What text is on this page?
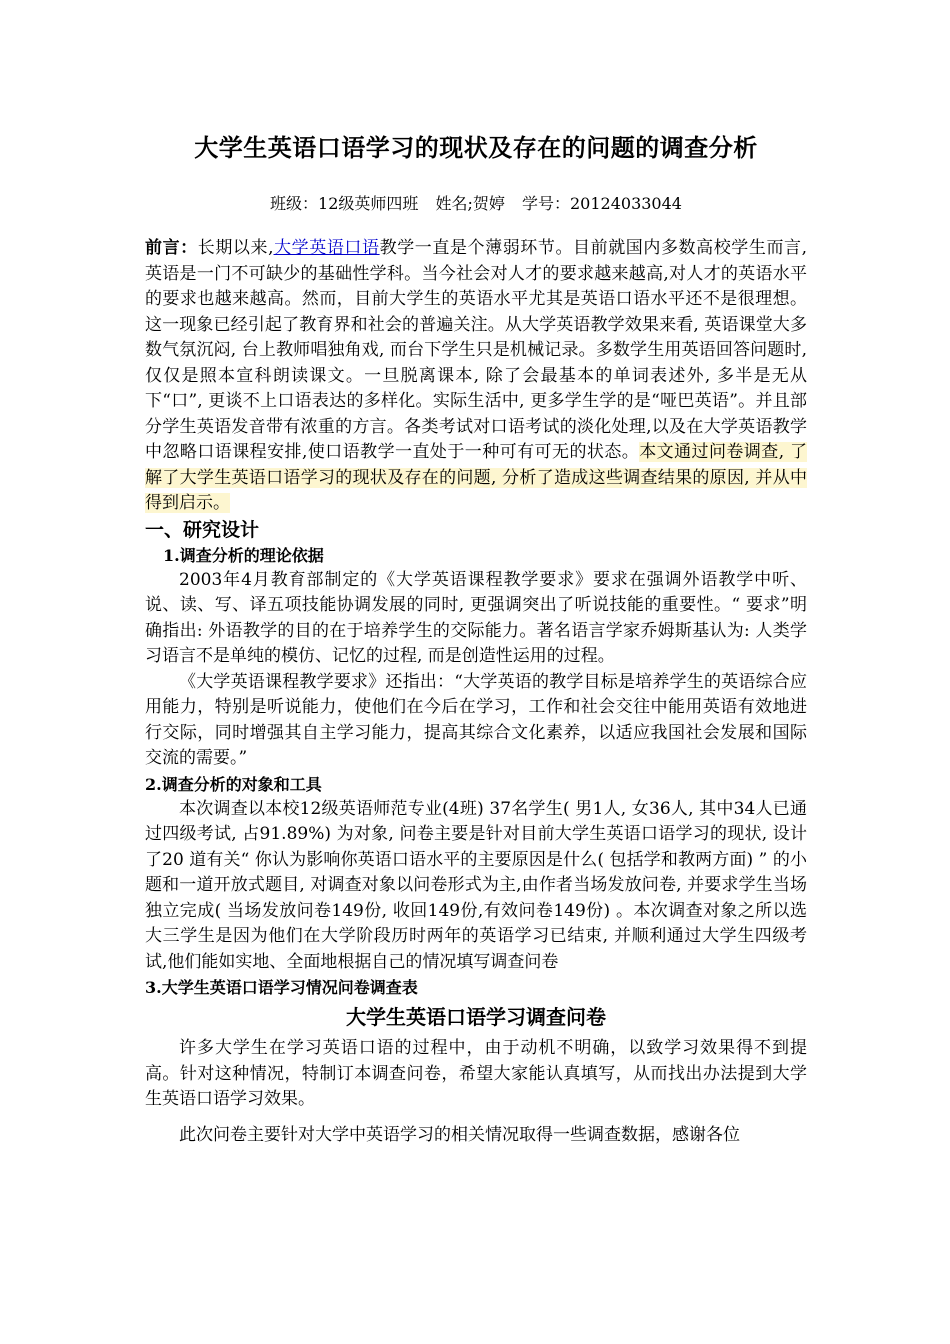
大学生英语口语学习的现状及存在的问题的调查分析
班级：12级英师四班 姓名;贺婷 学号：20124033044

前言：长期以来,大学英语口语教学一直是个薄弱环节。目前就国内多数高校学生而言, 英语是一门不可缺少的基础性学科。当今社会对人才的要求越来越高,对人才的英语水平的要求也越来越高。然而，目前大学生的英语水平尤其是英语口语水平还不是很理想。这一现象已经引起了教育界和社会的普遍关注。从大学英语教学效果来看, 英语课堂大多数气氛沉闷, 台上教师唱独角戏, 而台下学生只是机械记录。多数学生用英语回答问题时, 仅仅是照本宣科朗读课文。一旦脱离课本, 除了会最基本的单词表述外, 多半是无从下“口”, 更谈不上口语表达的多样化。实际生活中, 更多学生学的是“哑巴英语”。并且部分学生英语发音带有浓重的方言。各类考试对口语考试的淡化处理,以及在大学英语教学中忽略口语课程安排,使口语教学一直处于一种可有可无的状态。本文通过问卷调查, 了解了大学生英语口语学习的现状及存在的问题, 分析了造成这些调查结果的原因, 并从中得到启示。

一、研究设计
1.调查分析的理论依据

2003年4月教育部制定的《大学英语课程教学要求》要求在强调外语教学中听、说、读、写、译五项技能协调发展的同时, 更强调突出了听说技能的重要性。“ 要求”明确指出: 外语教学的目的在于培养学生的交际能力。著名语言学家乔姆斯基认为: 人类学习语言不是单纯的模仿、记忆的过程, 而是创造性运用的过程。

《大学英语课程教学要求》还指出：“大学英语的教学目标是培养学生的英语综合应用能力，特别是听说能力，使他们在今后在学习，工作和社会交往中能用英语有效地进行交际，同时增强其自主学习能力，提高其综合文化素养，以适应我国社会发展和国际交流的需要。”

2.调查分析的对象和工具

本次调查以本校12级英语师范专业(4班) 37名学生( 男1人, 女36人, 其中34人已通过四级考试, 占91.89%) 为对象, 问卷主要是针对目前大学生英语口语学习的现状, 设计了20 道有关“ 你认为影响你英语口语水平的主要原因是什么( 包括学和教两方面) ” 的小题和一道开放式题目, 对调查对象以问卷形式为主,由作者当场发放问卷, 并要求学生当场独立完成( 当场发放问卷149份, 收回149份,有效问卷149份) 。本次调查对象之所以选大三学生是因为他们在大学阶段历时两年的英语学习已结束, 并顺利通过大学生四级考试,他们能如实地、全面地根据自己的情况填写调查问卷

3.大学生英语口语学习情况问卷调查表
大学生英语口语学习调查问卷

许多大学生在学习英语口语的过程中，由于动机不明确，以致学习效果得不到提高。针对这种情况，特制订本调查问卷，希望大家能认真填写，从而找出办法提到大学生英语口语学习效果。

此次问卷主要针对大学中英语学习的相关情况取得一些调查数据，感谢各位
